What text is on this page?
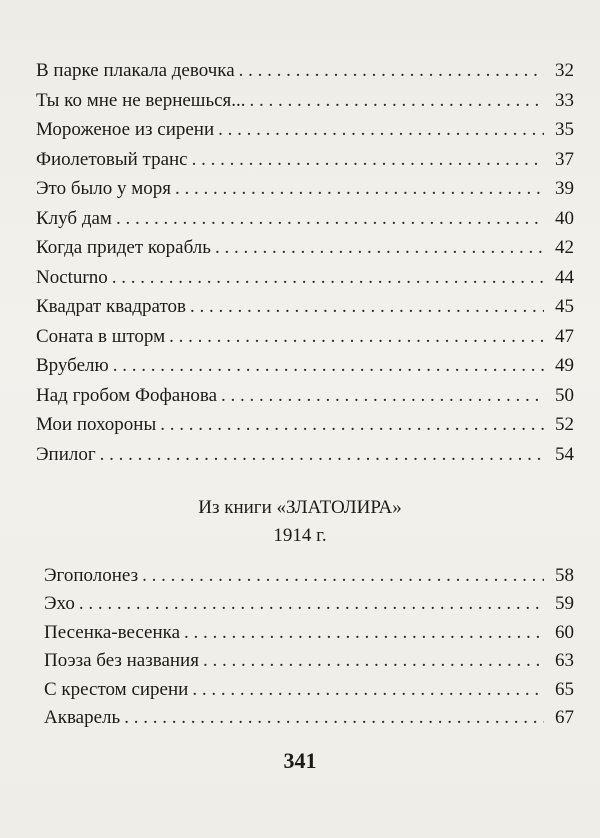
В парке плакала девочка . . .	32
Ты ко мне не вернешься... . . .	33
Мороженое из сирени . . .	35
Фиолетовый транс . . .	37
Это было у моря . . .	39
Клуб дам . . .	40
Когда придет корабль . . .	42
Nocturno . . .	44
Квадрат квадратов . . .	45
Соната в шторм . . .	47
Врубелю . . .	49
Над гробом Фофанова . . .	50
Мои похороны . . .	52
Эпилог . . .	54
Из книги «ЗЛАТОЛИРА»
1914 г.
Эгополонез . . .	58
Эхо . . .	59
Песенка-весенка . . .	60
Поэза без названия . . .	63
С крестом сирени . . .	65
Акварель . . .	67
341
